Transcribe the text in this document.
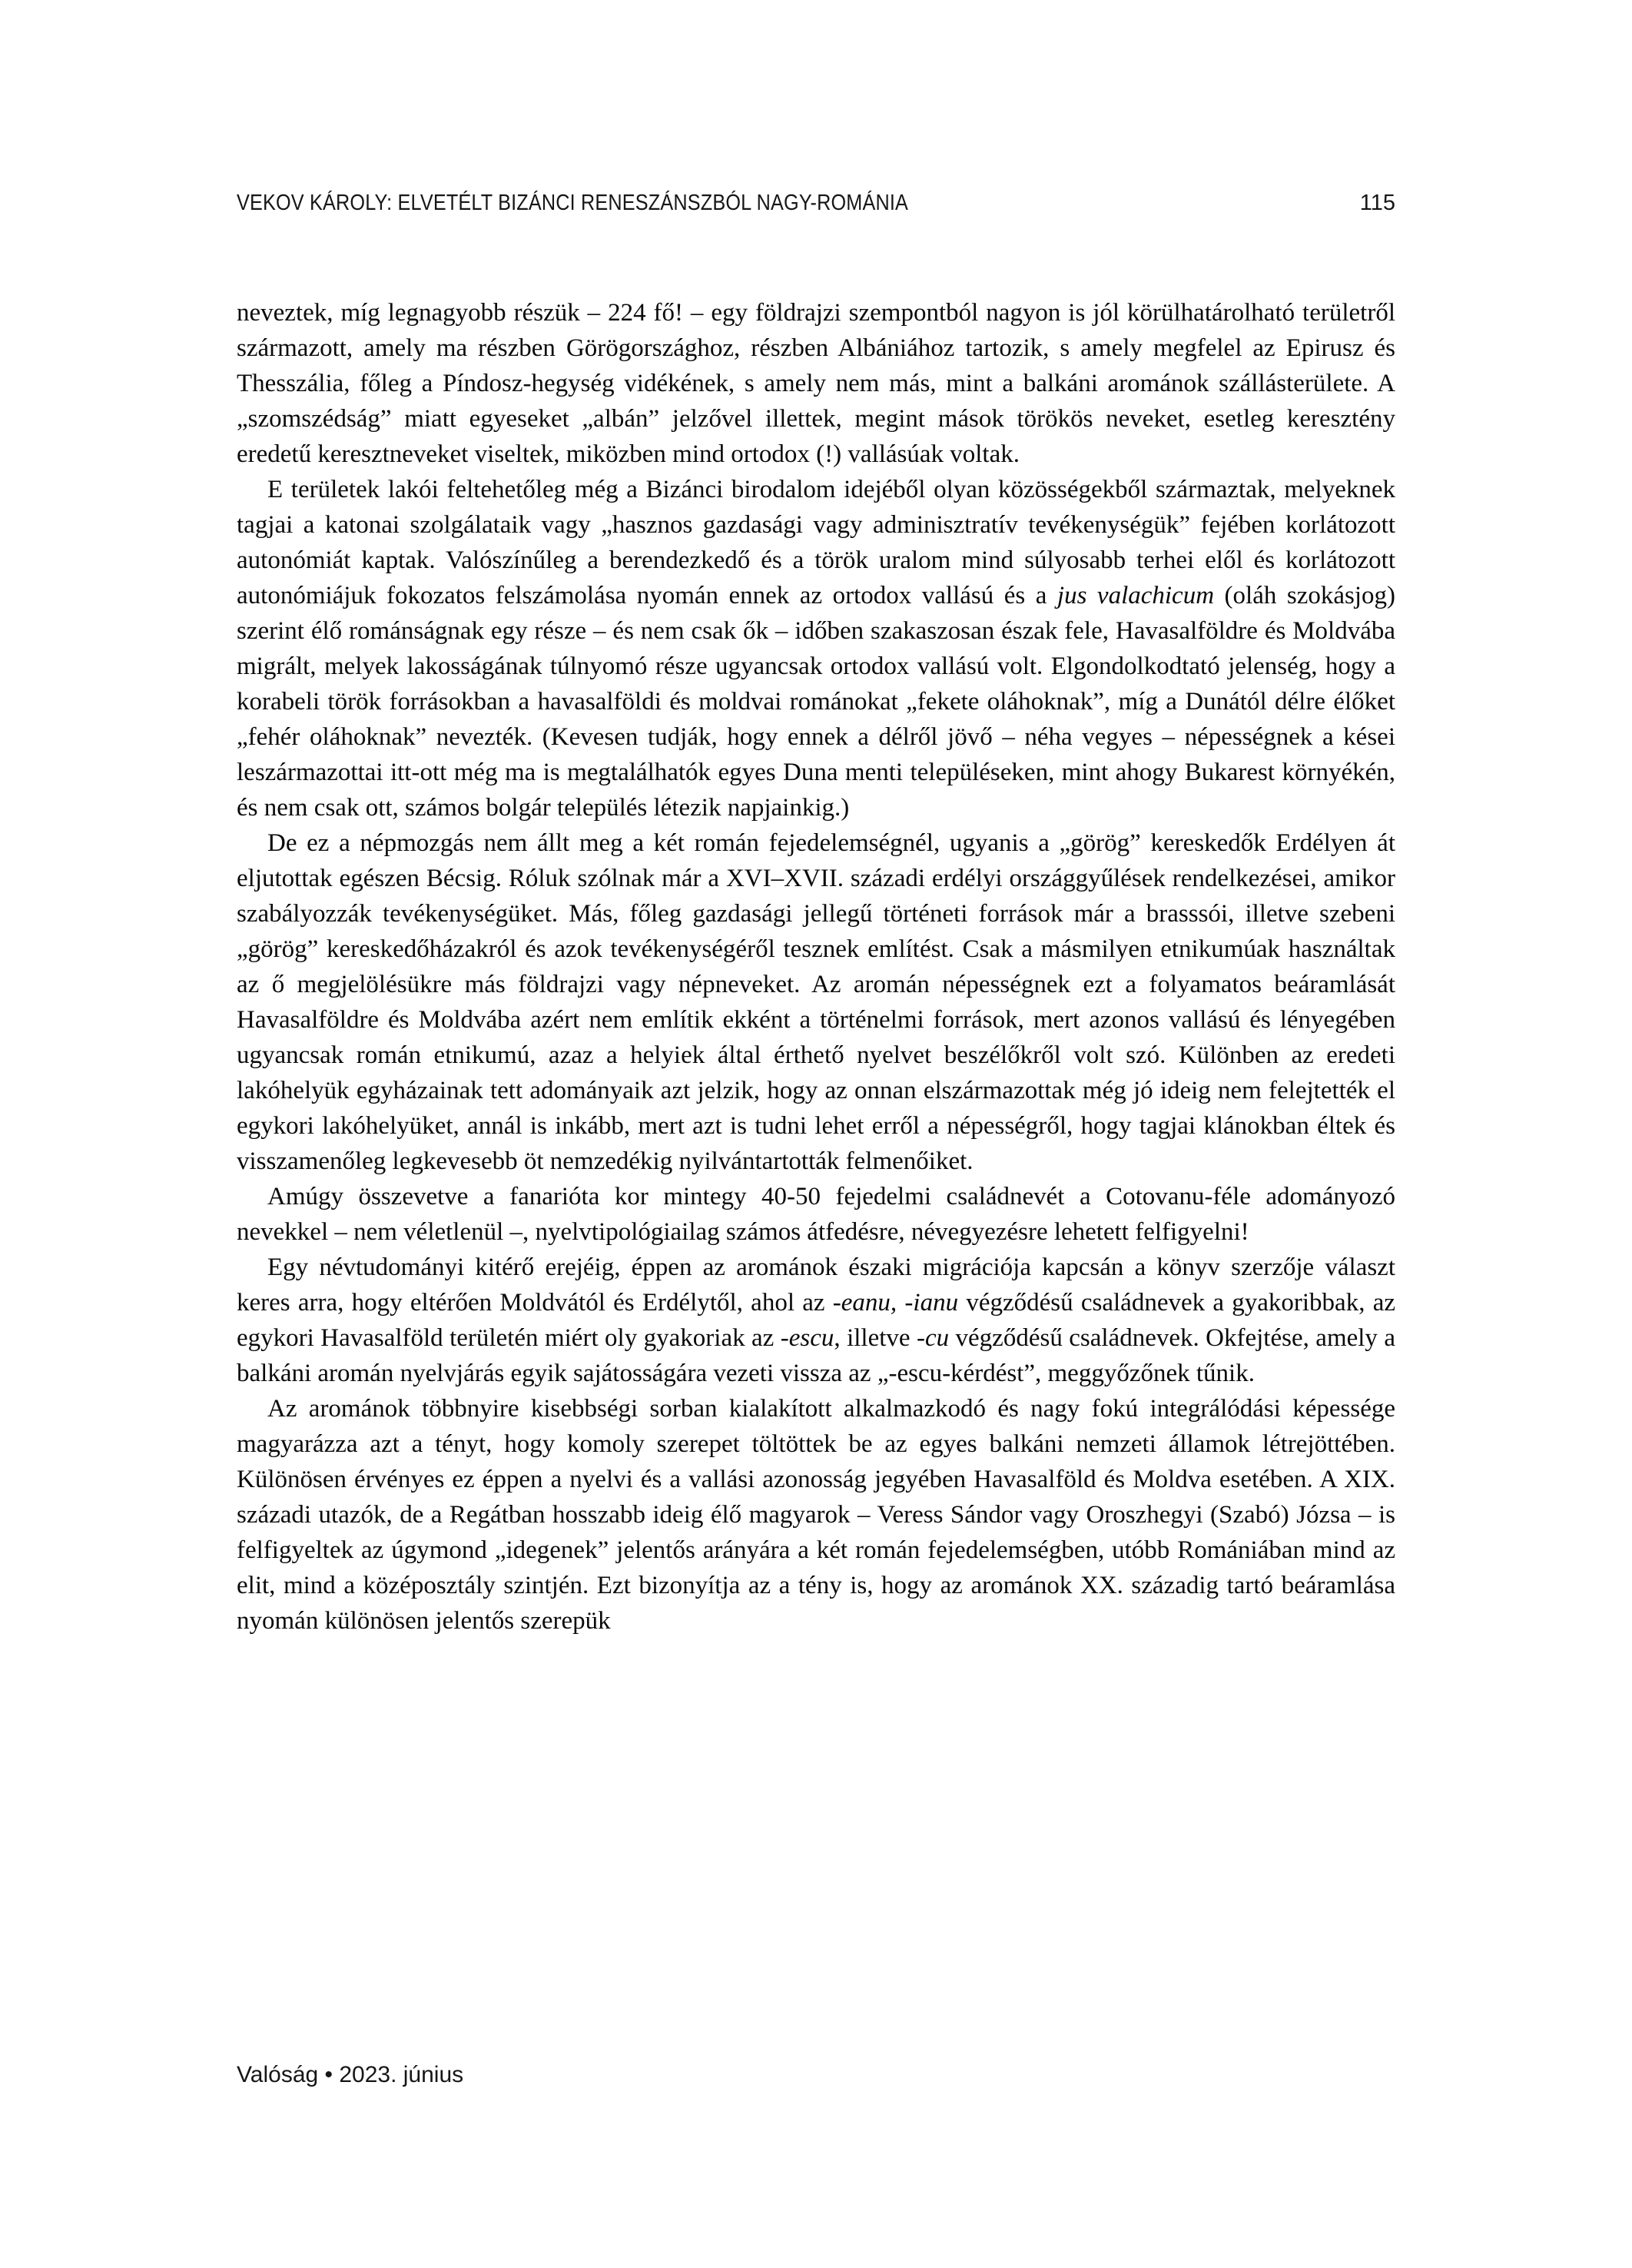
VEKOV KÁROLY: ELVETÉLT BIZÁNCI RENESZÁNSZBÓL NAGY-ROMÁNIA	115

neveztek, míg legnagyobb részük – 224 fő! – egy földrajzi szempontból nagyon is jól körülhatárolható területről származott, amely ma részben Görögországhoz, részben Albániához tartozik, s amely megfelel az Epirusz és Thesszália, főleg a Píndosz-hegység vidékének, s amely nem más, mint a balkáni arománok szállásterülete. A „szomszédság” miatt egyeseket „albán” jelzővel illettek, megint mások törökös neveket, esetleg keresztény eredetű keresztneveket viseltek, miközben mind ortodox (!) vallásúak voltak.

E területek lakói feltehetőleg még a Bizánci birodalom idejéből olyan közösségekből származtak, melyeknek tagjai a katonai szolgálataik vagy „hasznos gazdasági vagy adminisztratív tevékenységük” fejében korlátozott autonómiát kaptak. Valószínűleg a berendezkedő és a török uralom mind súlyosabb terhei elől és korlátozott autonómiájuk fokozatos felszámolása nyomán ennek az ortodox vallású és a jus valachicum (oláh szokásjog) szerint élő románságnak egy része – és nem csak ők – időben szakaszosan észak fele, Havasalföldre és Moldvába migrált, melyek lakosságának túlnyomó része ugyancsak ortodox vallású volt. Elgondolkodtató jelenség, hogy a korabeli török forrásokban a havasalföldi és moldvai románokat „fekete oláhoknak”, míg a Dunától délre élőket „fehér oláhoknak” nevezték. (Kevesen tudják, hogy ennek a délről jövő – néha vegyes – népességnek a kései leszármazottai itt-ott még ma is megtalálhatók egyes Duna menti településeken, mint ahogy Bukarest környékén, és nem csak ott, számos bolgár település létezik napjainkig.)

De ez a népmozgás nem állt meg a két román fejedelemségnél, ugyanis a „görög” kereskedők Erdélyen át eljutottak egészen Bécsig. Róluk szólnak már a XVI–XVII. századi erdélyi országgyűlések rendelkezései, amikor szabályozzák tevékenységüket. Más, főleg gazdasági jellegű történeti források már a brasssói, illetve szebeni „görög” kereskedőházakról és azok tevékenységéről tesznek említést. Csak a másmilyen etnikumúak használtak az ő megjelölésükre más földrajzi vagy népneveket. Az aromán népességnek ezt a folyamatos beáramlását Havasalföldre és Moldvába azért nem említik ekként a történelmi források, mert azonos vallású és lényegében ugyancsak román etnikumú, azaz a helyiek által érthető nyelvet beszélőkről volt szó. Különben az eredeti lakóhelyük egyházainak tett adományaik azt jelzik, hogy az onnan elszármazottak még jó ideig nem felejtették el egykori lakóhelyüket, annál is inkább, mert azt is tudni lehet erről a népességről, hogy tagjai klánokban éltek és visszamenőleg legkevesebb öt nemzedékig nyilvántartották felmenőiket.

Amúgy összevetve a fanarióta kor mintegy 40-50 fejedelmi családnevét a Cotovanu-féle adományozó nevekkel – nem véletlenül –, nyelvtipológiailag számos átfedésre, névegyezésre lehetett felfigyelni!

Egy névtudományi kitérő erejéig, éppen az arománok északi migrációja kapcsán a könyv szerzője választ keres arra, hogy eltérően Moldvától és Erdélytől, ahol az -eanu, -ianu végződésű családnevek a gyakoribbak, az egykori Havasalföld területén miért oly gyakoriak az -escu, illetve -cu végződésű családnevek. Okfejtése, amely a balkáni aromán nyelvjárás egyik sajátosságára vezeti vissza az „-escu-kérdést”, meggyőzőnek tűnik.

Az arománok többnyire kisebbségi sorban kialakított alkalmazkodó és nagy fokú integrálódási képessége magyarázza azt a tényt, hogy komoly szerepet töltöttek be az egyes balkáni nemzeti államok létrejöttében. Különösen érvényes ez éppen a nyelvi és a vallási azonosság jegyében Havasalföld és Moldva esetében. A XIX. századi utazók, de a Regátban hosszabb ideig élő magyarok – Veress Sándor vagy Oroszhegyi (Szabó) Józsa – is felfigyeltek az úgymond „idegenek” jelentős arányára a két román fejedelemségben, utóbb Romániában mind az elit, mind a középosztály szintjén. Ezt bizonyítja az a tény is, hogy az arománok XX. századig tartó beáramlása nyomán különösen jelentős szerepük

Valóság • 2023. június
